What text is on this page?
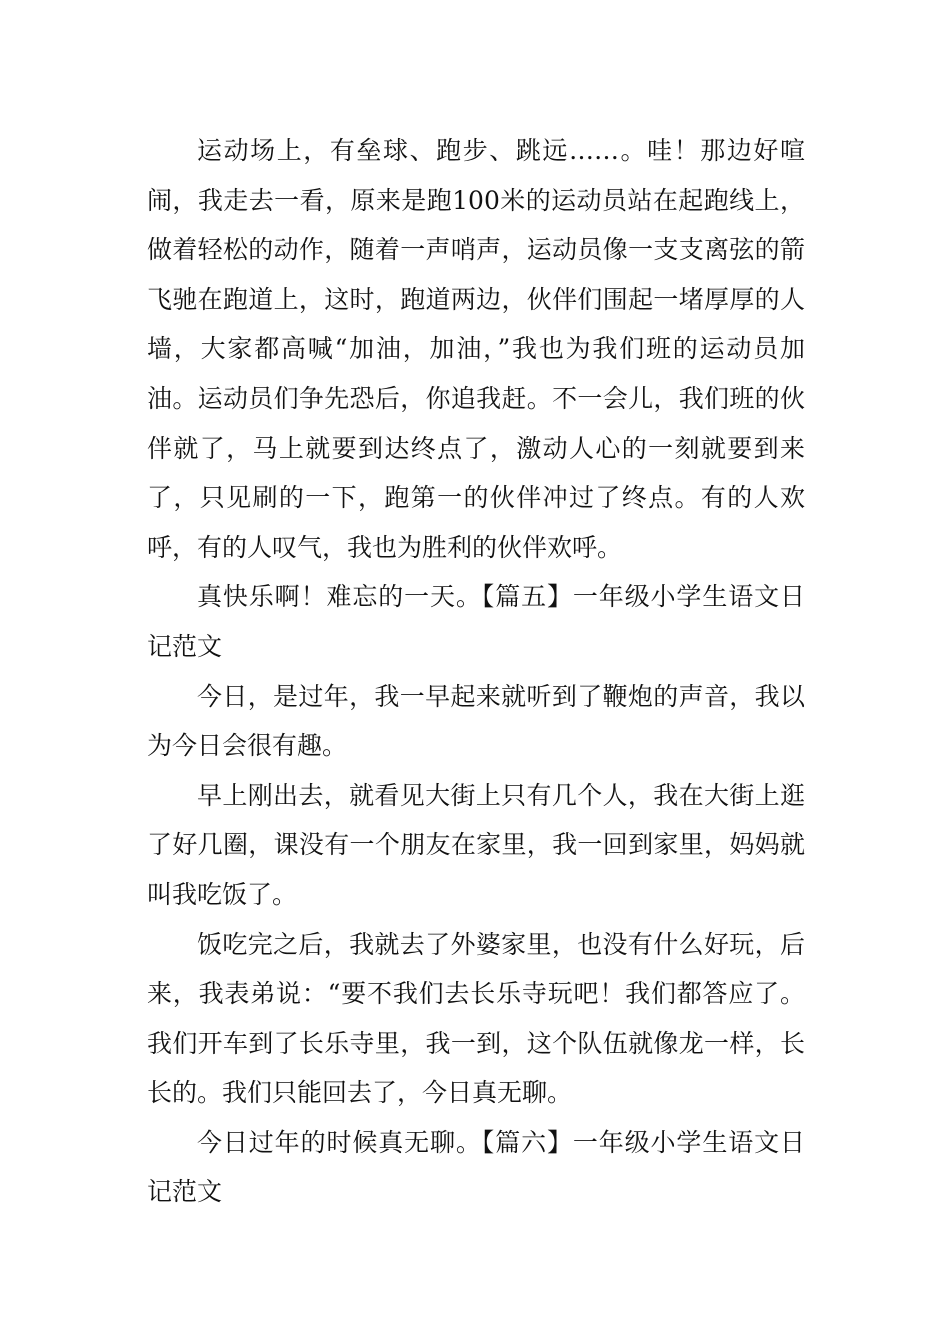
运动场上，有垒球、跑步、跳远……。哇！那边好喧闹，我走去一看，原来是跑100米的运动员站在起跑线上，做着轻松的动作，随着一声哨声，运动员像一支支离弦的箭飞驰在跑道上，这时，跑道两边，伙伴们围起一堵厚厚的人墙，大家都高喊“加油，加油，”我也为我们班的运动员加油。运动员们争先恐后，你追我赶。不一会儿，我们班的伙伴就了，马上就要到达终点了，激动人心的一刻就要到来了，只见刷的一下，跑第一的伙伴冲过了终点。有的人欢呼，有的人叹气，我也为胜利的伙伴欢呼。

真快乐啊！难忘的一天。【篇五】一年级小学生语文日记范文

今日，是过年，我一早起来就听到了鞭炮的声音，我以为今日会很有趣。

早上刚出去，就看见大街上只有几个人，我在大街上逛了好几圈，课没有一个朋友在家里，我一回到家里，妈妈就叫我吃饭了。

饭吃完之后，我就去了外婆家里，也没有什么好玩，后来，我表弟说：“要不我们去长乐寺玩吧！我们都答应了。我们开车到了长乐寺里，我一到，这个队伍就像龙一样，长长的。我们只能回去了，今日真无聊。

今日过年的时候真无聊。【篇六】一年级小学生语文日记范文
